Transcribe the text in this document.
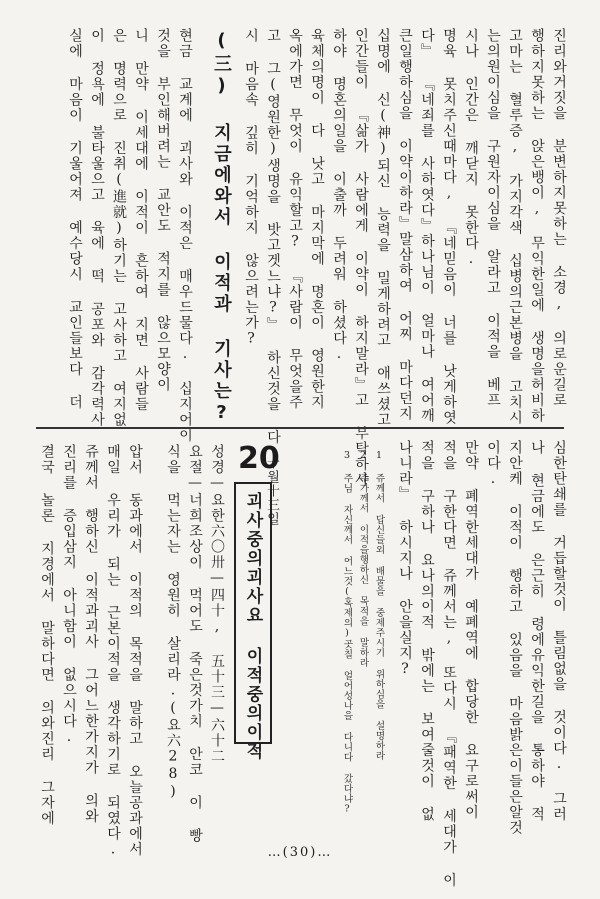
진리와거짓을 분변하지못하는 소경, 의로운길로
행하지못하는 앉은뱅이, 무익한일에 생명을허비하
고마는 혈루증, 가지각색 십병의근본병을 고치시
는의원이심을 구원자이심을 알라고 이적을 베프
시나 인간은 깨닫지 못한다.
명육 못치주신때마다, 『네믿음이 너를 낫게하엿
다』 『네죄를 사하엿다』하나님이 얼마나 여어깨
큰일행하심을 이약이하라』말삼하여 어찌 마다던지
십명에 신(神)되신 능력을 밀게하려고 애쓰셨고
인간들이 『삶가 사람에게 이약이 하지말라』고 부탁하샤
하야 명혼의일을 이출까 두려워 하셨다.
육체의명이 다 낫고 마지막에 명혼이 영원한지
옥에가면 무엇이 유익할고? 『사람이 무엇을주
고 그(영원한)생명을 밧고겟느냐?』 하신것을 다
시 마음속 깊히 기억하지 않으려는가?
(三) 지금에와서 이적과 기사는?
현금 교계에 괴사와 이적은 매우드물다. 십지어이
것을 부인해버려는 교안도 적지를 않으모양이
니 만약 이세대에 이적이 흔하여 지면 사람들
은 명력으로 진취(進就)하기는 고사하고 여지없
이 정욕에 불타울으고 육에 떡 공포와 감각력사
실에 마음이 기울어져 예수당시 교인들보다 더
심한탄쇄를 거듭할것이 틀림없을 것이다. 그러
나 현금에도 은근히 령에유익한길을 통하야 적
지안케 이적이 행하고 있음을 마음밝은이들은알것
이다.
만약 폐역한세대가 예폐역에 합당한 요구로써이
적을 구한다면 쥬께서는, 또다시 『패역한 세대가 이
적을 구하나 요나의이적 밖에는 보여줄것이 없
나니라』 하시지나 안을실지?
1 쥬께서 답신들외 배물을 중제주시기 위하심을 설명하라
2 주가께서 이적을행하신 목적을 말하라
3 주님 자신께서 어느것(혹제의)곳칠 얼어성나을 다니다 갔다냐?
20
괴사중의괴사요 이적중의이적
十월十三일
성경—요한六〇卅—四十, 五十三—六十二
요절—너희조상이 먹어도 죽은것가치 안코 이 빵
식을 먹는자는 영원히 살리라.(요六28)
압서 동과에서 이적의 목적을 말하고 오늘공과에서
매일 우리가 되는 근본이적을 생각하기로 되였다.
쥬께서 행하신 이적과괴사 그어느한가지가 의와
진리를 증입삼지 아니함이 없으시다.
결국 놀론 지경에서 말하다면 의와진리 그자에
…(30)…
